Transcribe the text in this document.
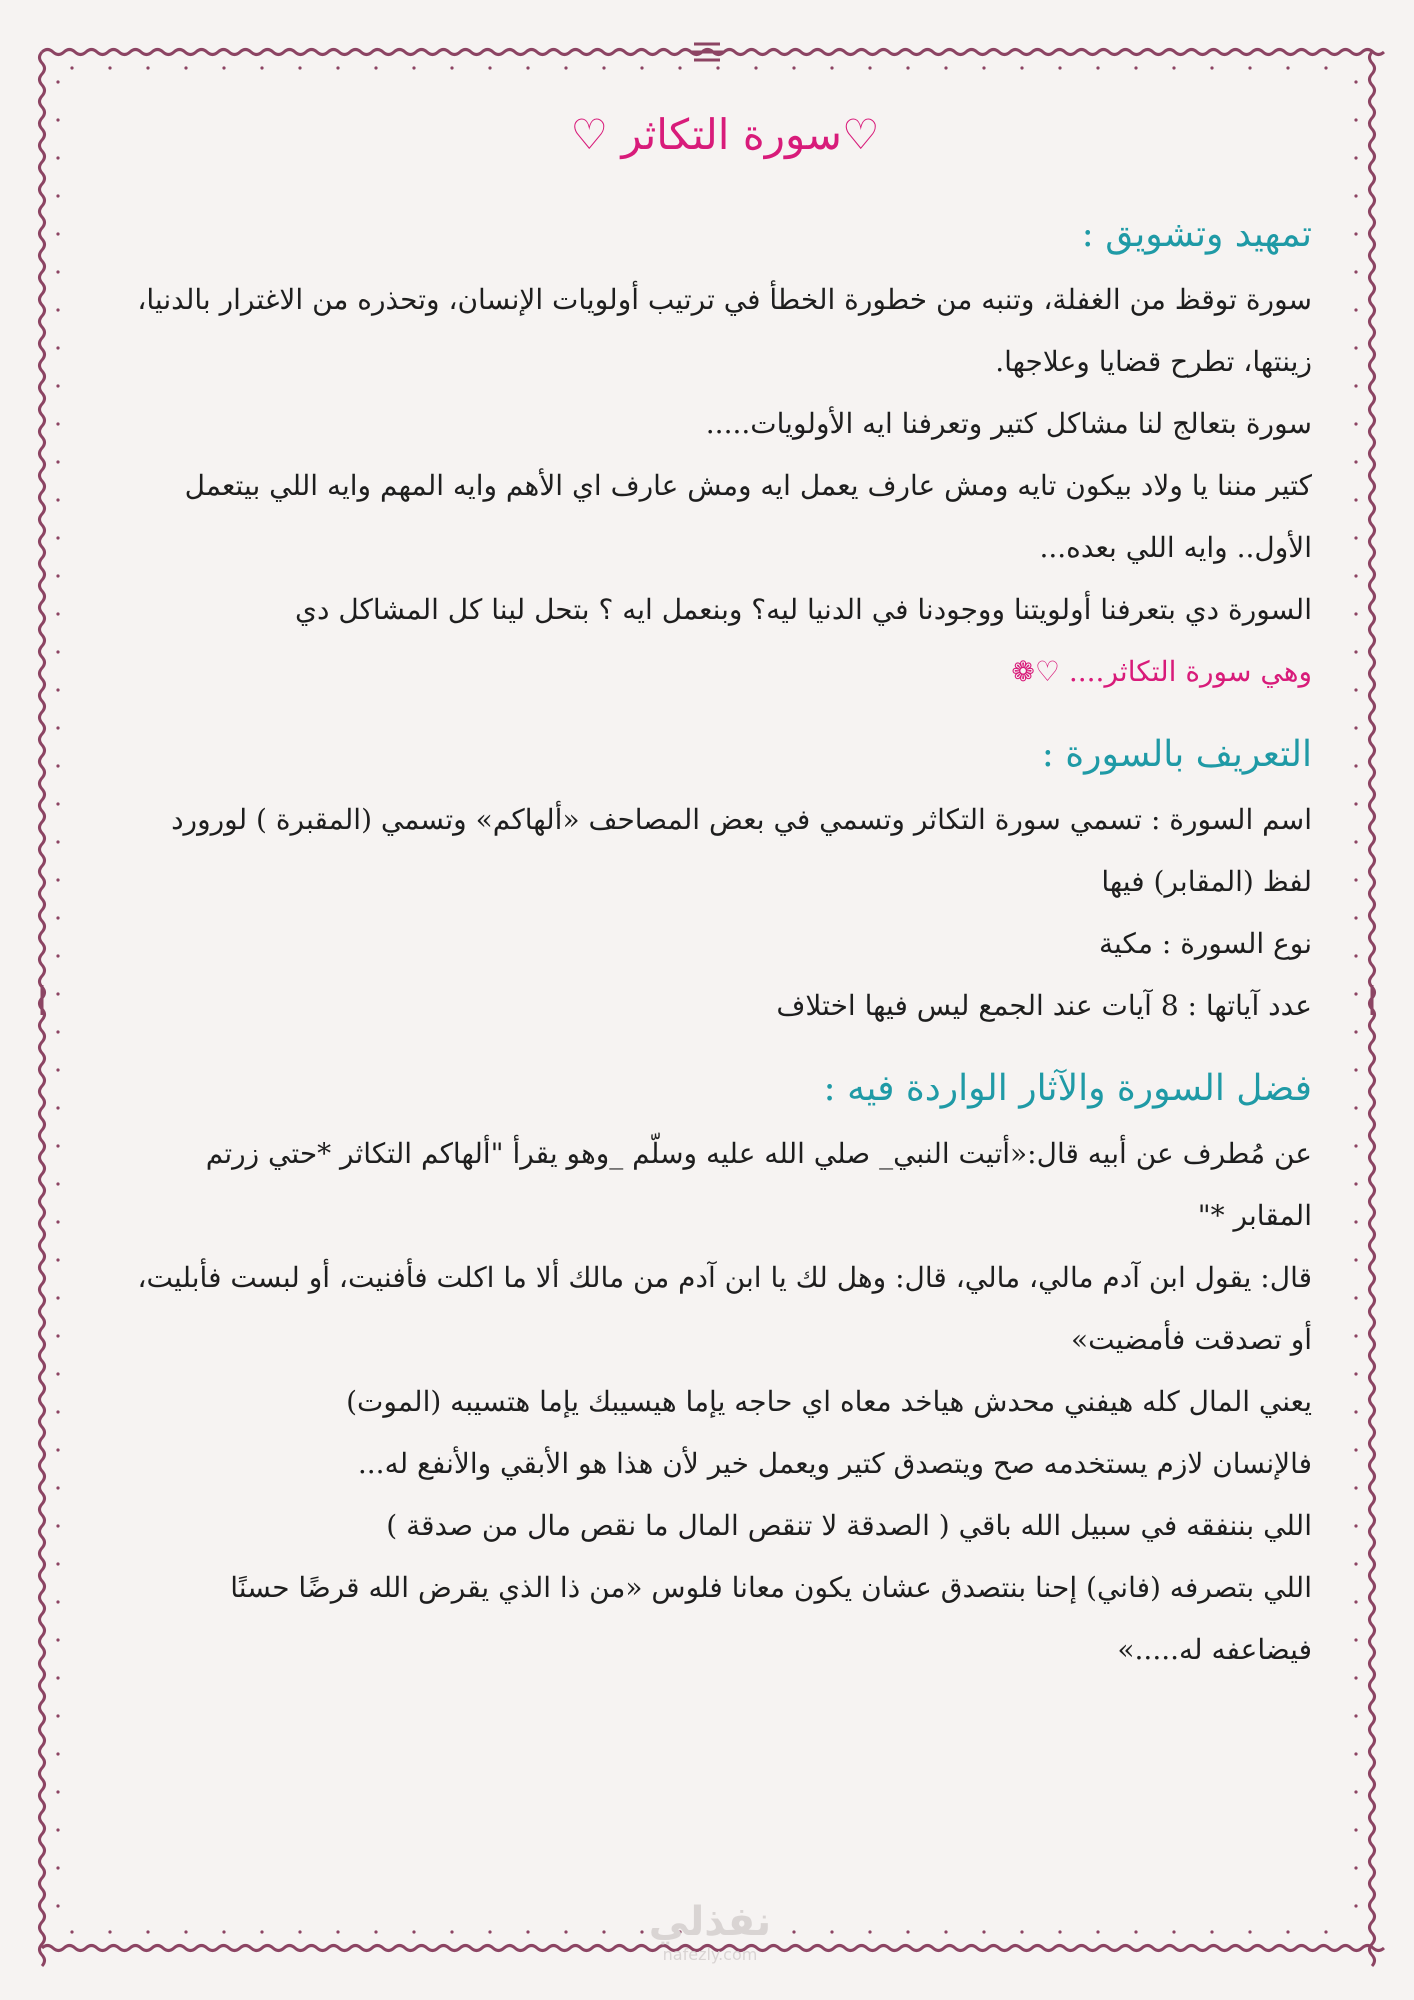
♡سورة التكاثر ♡
تمهيد وتشويق :

سورة توقظ من الغفلة، وتنبه من خطورة الخطأ في ترتيب أولويات الإنسان، وتحذره من الاغترار بالدنيا، زينتها، تطرح قضايا وعلاجها.

سورة بتعالج لنا مشاكل كتير وتعرفنا ايه الأولويات.....

كتير مننا يا ولاد بيكون تايه ومش عارف يعمل ايه ومش عارف اي الأهم وايه المهم وايه اللي بيتعمل الأول.. وايه اللي بعده...

السورة دي بتعرفنا أولويتنا ووجودنا في الدنيا ليه؟ وبنعمل ايه ؟ بتحل لينا كل المشاكل دي

وهي سورة التكاثر.... ♡❁

التعريف بالسورة :

اسم السورة : تسمي سورة التكاثر وتسمي في بعض المصاحف «ألهاكم» وتسمي (المقبرة ) لورورد لفظ (المقابر) فيها

نوع السورة : مكية

عدد آياتها : 8 آيات عند الجمع ليس فيها اختلاف

فضل السورة والآثار الواردة فيه :

عن مُطرف عن أبيه قال:«أتيت النبي_ صلي الله عليه وسلّم _وهو يقرأ "ألهاكم التكاثر *حتي زرتم المقابر *"

قال: يقول ابن آدم مالي، مالي، قال: وهل لك يا ابن آدم من مالك ألا ما اكلت فأفنيت، أو لبست فأبليت، أو تصدقت فأمضيت»

يعني المال كله هيفني محدش هياخد معاه اي حاجه يإما هيسيبك يإما هتسيبه (الموت)

فالإنسان لازم يستخدمه صح ويتصدق كتير ويعمل خير لأن هذا هو الأبقي والأنفع له...

اللي بننفقه في سبيل الله باقي ( الصدقة لا تنقص المال ما نقص مال من صدقة )

اللي بتصرفه (فاني) إحنا بنتصدق عشان يكون معانا فلوس «من ذا الذي يقرض الله قرضًا حسنًا فيضاعفه له.....»

نفذلي
nafezly.com
